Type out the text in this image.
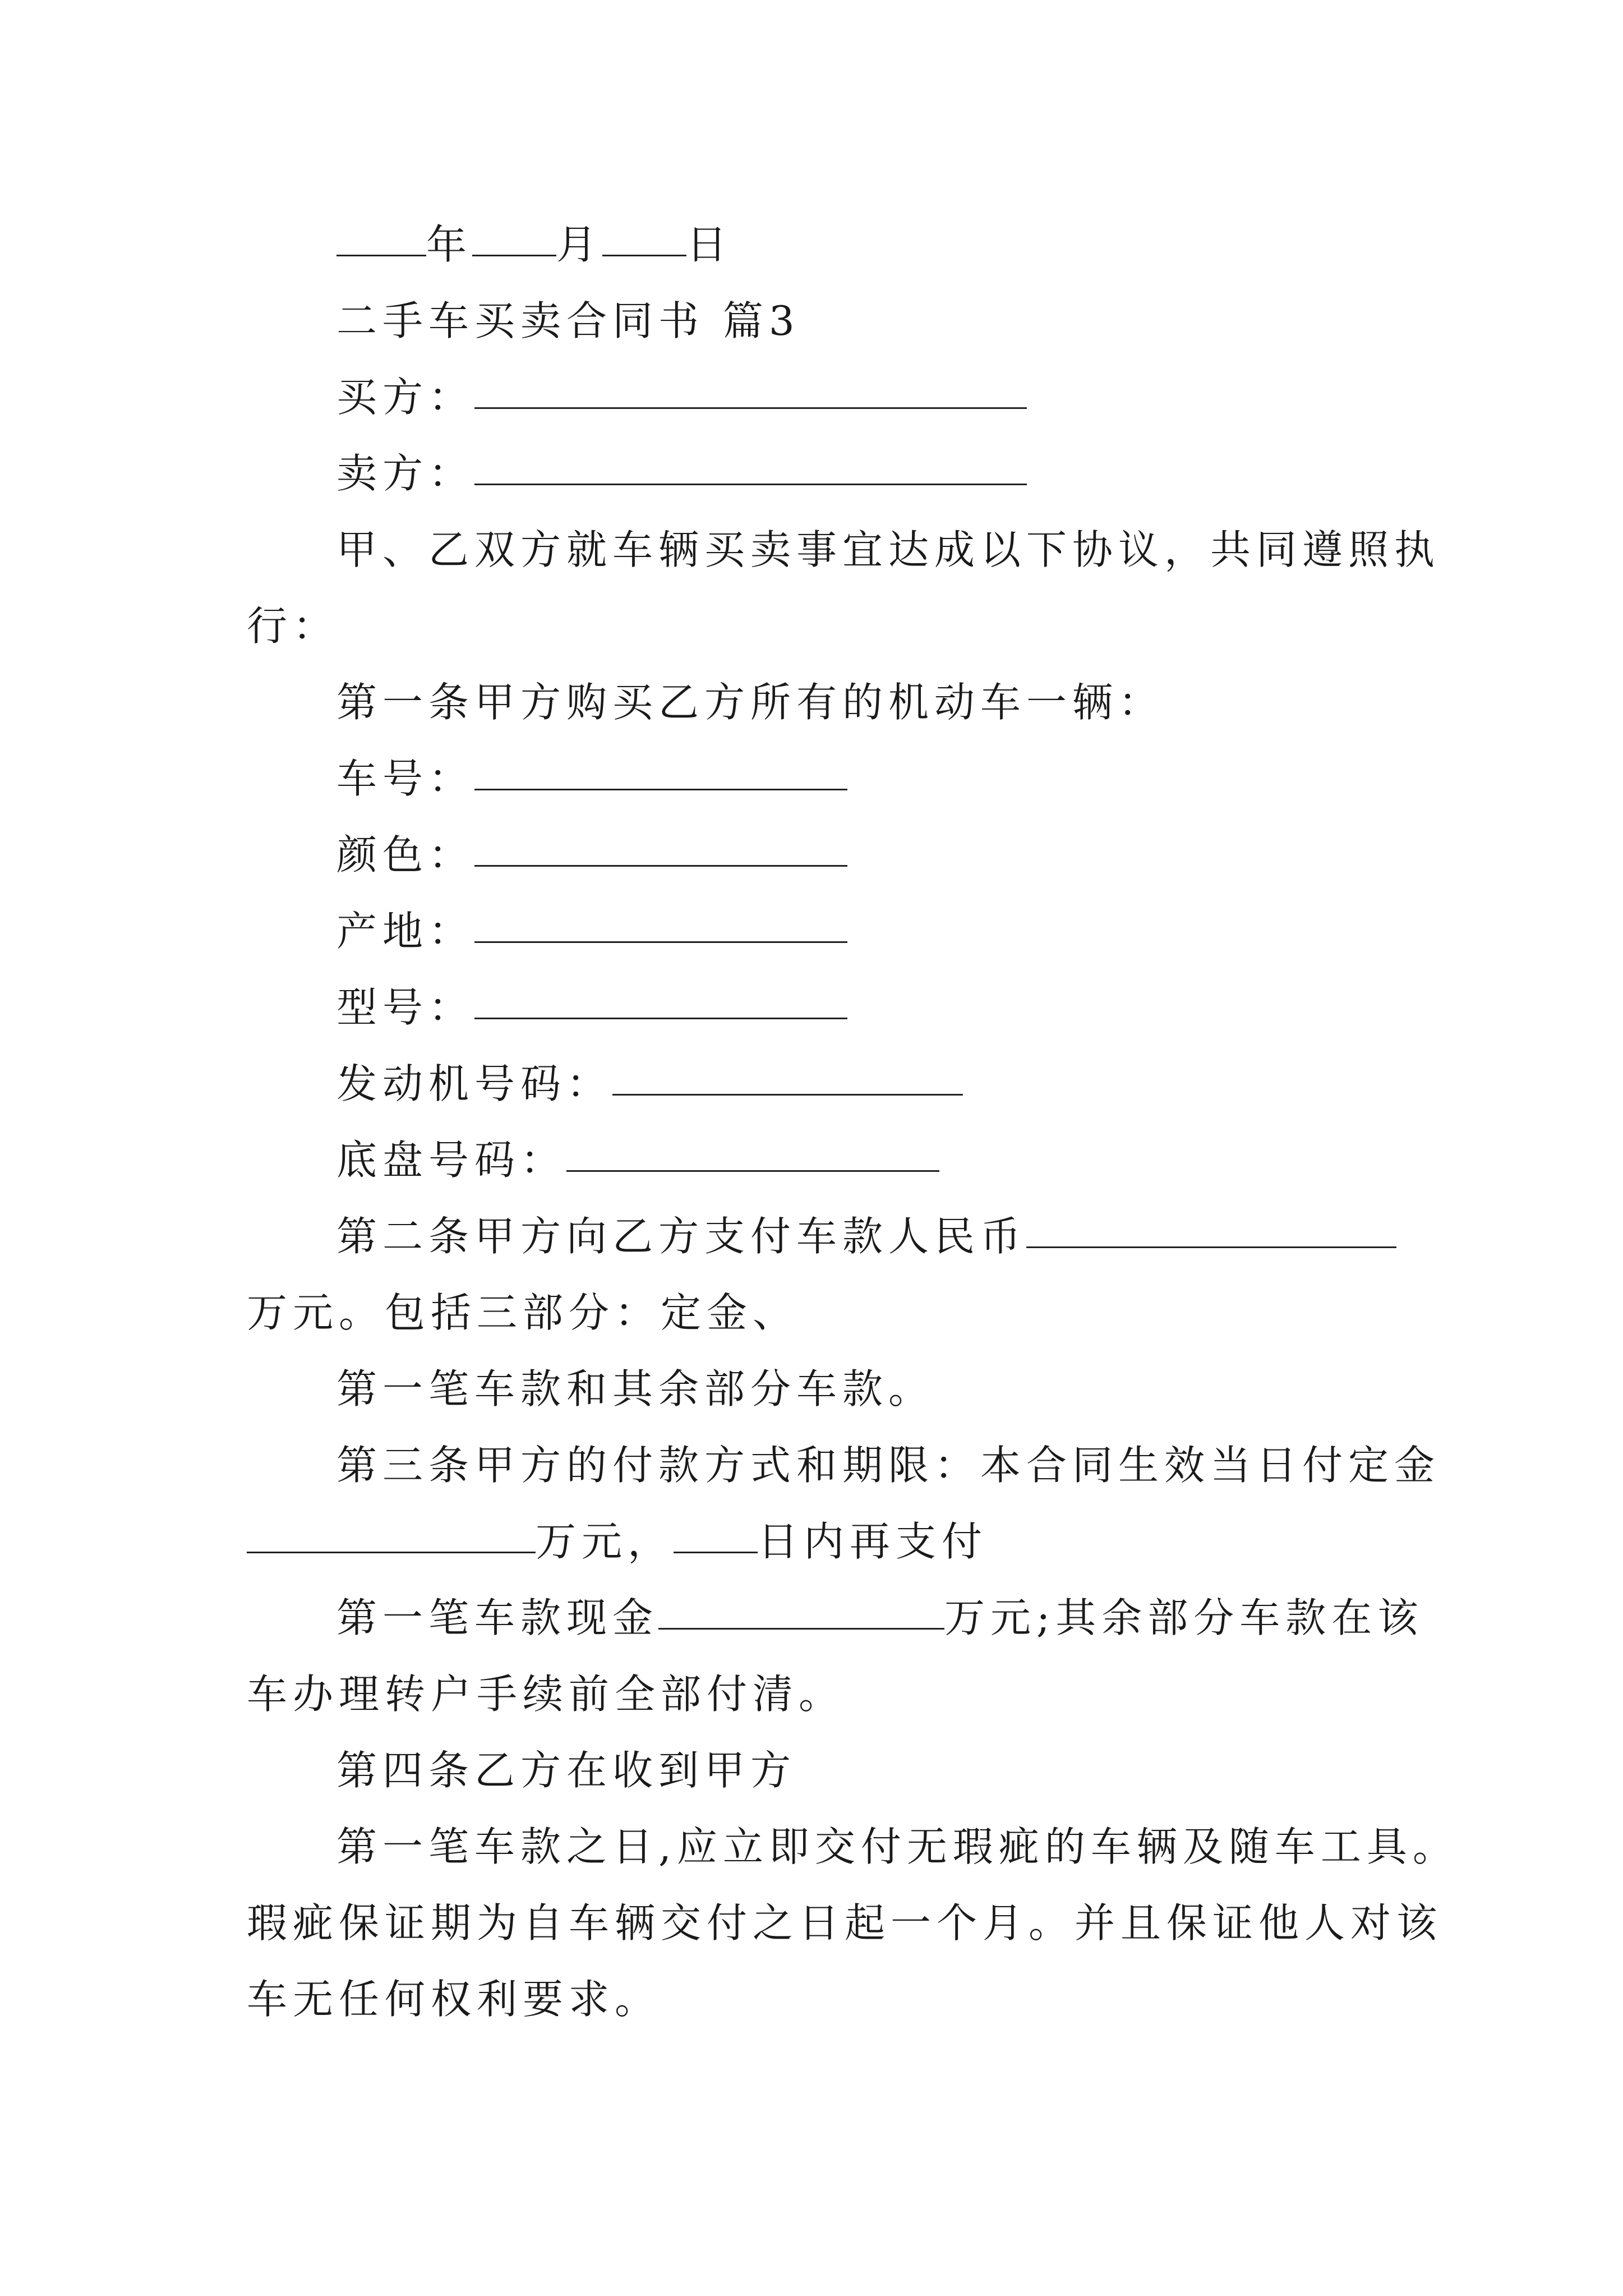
年 月 日
二手车买卖合同书 篇3
买方：
卖方：
甲、乙双方就车辆买卖事宜达成以下协议，共同遵照执
行：
第一条甲方购买乙方所有的机动车一辆：
车号：
颜色：
产地：
型号：
发动机号码：
底盘号码：
第二条甲方向乙方支付车款人民币
万元。包括三部分：定金、
第一笔车款和其余部分车款。
第三条甲方的付款方式和期限：本合同生效当日付定金
万元， 日内再支付
第一笔车款现金	万元;其余部分车款在该
车办理转户手续前全部付清。
第四条乙方在收到甲方
第一笔车款之日,应立即交付无瑕疵的车辆及随车工具。
瑕疵保证期为自车辆交付之日起一个月。并且保证他人对该
车无任何权利要求。
